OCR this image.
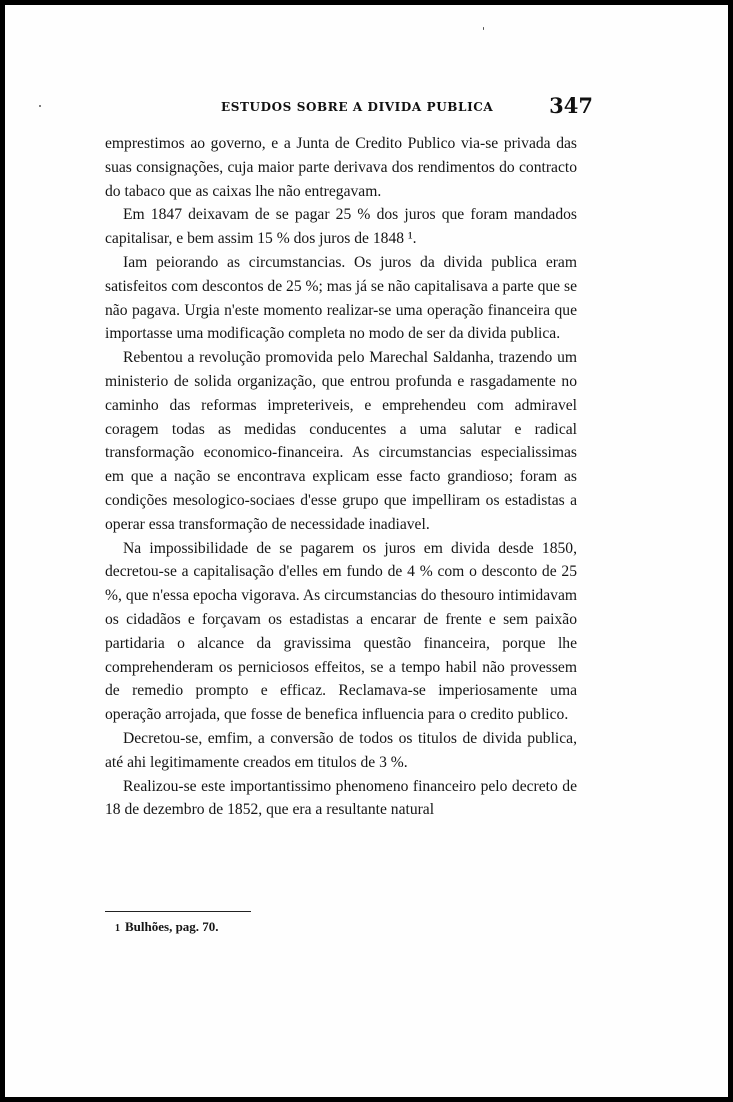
ESTUDOS SOBRE A DIVIDA PUBLICA	347

emprestimos ao governo, e a Junta de Credito Publico via-se privada das suas consignações, cuja maior parte derivava dos rendimentos do contracto do tabaco que as caixas lhe não entregavam.

Em 1847 deixavam de se pagar 25 % dos juros que foram mandados capitalisar, e bem assim 15 % dos juros de 1848 ¹.

Iam peiorando as circumstancias. Os juros da divida publica eram satisfeitos com descontos de 25 %; mas já se não capitalisava a parte que se não pagava. Urgia n'este momento realizar-se uma operação financeira que importasse uma modificação completa no modo de ser da divida publica.

Rebentou a revolução promovida pelo Marechal Saldanha, trazendo um ministerio de solida organização, que entrou profunda e rasgadamente no caminho das reformas impreteriveis, e emprehendeu com admiravel coragem todas as medidas conducentes a uma salutar e radical transformação economico-financeira. As circumstancias especialissimas em que a nação se encontrava explicam esse facto grandioso; foram as condições mesologico-sociaes d'esse grupo que impelliram os estadistas a operar essa transformação de necessidade inadiavel.

Na impossibilidade de se pagarem os juros em divida desde 1850, decretou-se a capitalisação d'elles em fundo de 4 % com o desconto de 25 %, que n'essa epocha vigorava. As circumstancias do thesouro intimidavam os cidadãos e forçavam os estadistas a encarar de frente e sem paixão partidaria o alcance da gravissima questão financeira, porque lhe comprehenderam os perniciosos effeitos, se a tempo habil não provessem de remedio prompto e efficaz. Reclamava-se imperiosamente uma operação arrojada, que fosse de benefica influencia para o credito publico.

Decretou-se, emfim, a conversão de todos os titulos de divida publica, até ahi legitimamente creados em titulos de 3 %.

Realizou-se este importantissimo phenomeno financeiro pelo decreto de 18 de dezembro de 1852, que era a resultante natural

1 Bulhões, pag. 70.
